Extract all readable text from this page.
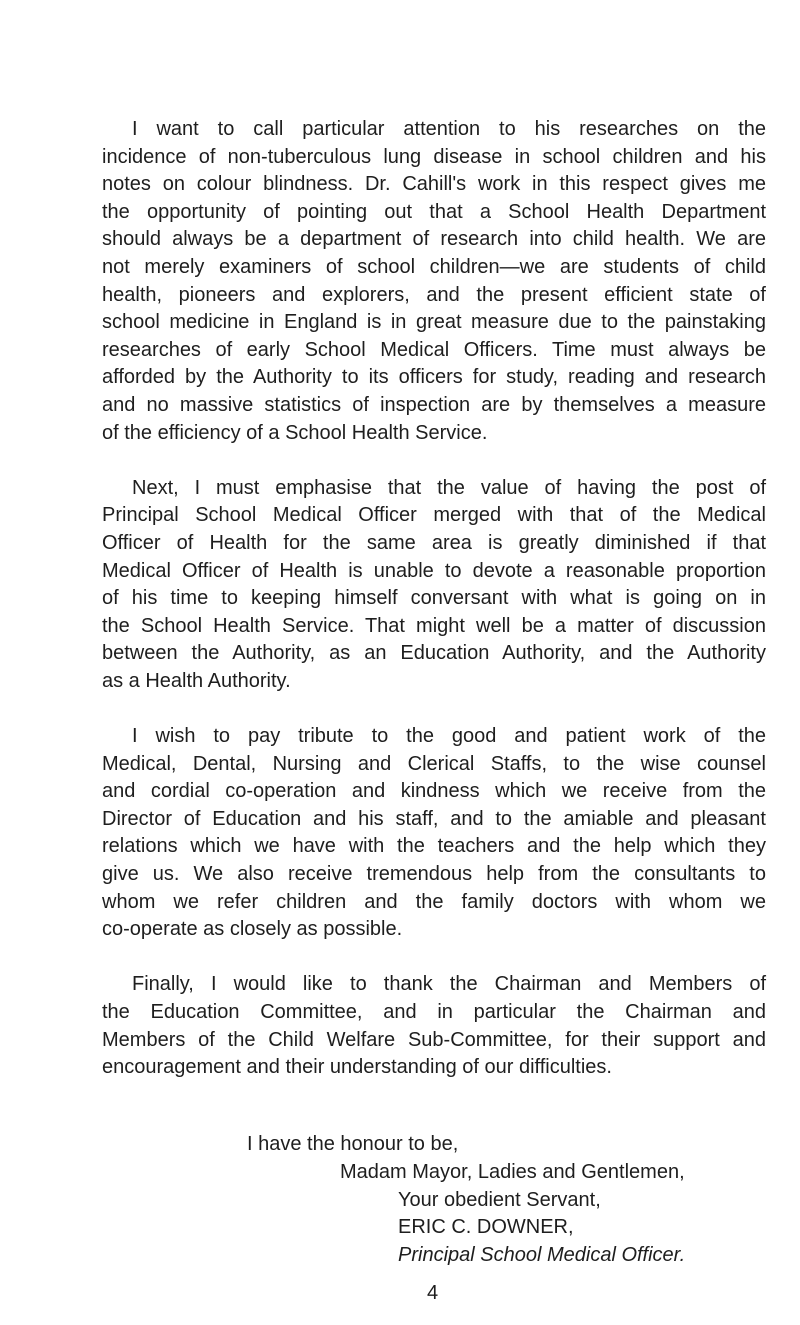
I want to call particular attention to his researches on the
incidence of non-tuberculous lung disease in school children and his
notes on colour blindness. Dr. Cahill's work in this respect gives me
the opportunity of pointing out that a School Health Department
should always be a department of research into child health. We are
not merely examiners of school children—we are students of child
health, pioneers and explorers, and the present efficient state of
school medicine in England is in great measure due to the painstaking
researches of early School Medical Officers. Time must always be
afforded by the Authority to its officers for study, reading and research
and no massive statistics of inspection are by themselves a measure
of the efficiency of a School Health Service.
Next, I must emphasise that the value of having the post of
Principal School Medical Officer merged with that of the Medical
Officer of Health for the same area is greatly diminished if that
Medical Officer of Health is unable to devote a reasonable proportion
of his time to keeping himself conversant with what is going on in
the School Health Service. That might well be a matter of discussion
between the Authority, as an Education Authority, and the Authority
as a Health Authority.
I wish to pay tribute to the good and patient work of the
Medical, Dental, Nursing and Clerical Staffs, to the wise counsel
and cordial co-operation and kindness which we receive from the
Director of Education and his staff, and to the amiable and pleasant
relations which we have with the teachers and the help which they
give us. We also receive tremendous help from the consultants to
whom we refer children and the family doctors with whom we
co-operate as closely as possible.
Finally, I would like to thank the Chairman and Members of
the Education Committee, and in particular the Chairman and
Members of the Child Welfare Sub-Committee, for their support and
encouragement and their understanding of our difficulties.
I have the honour to be,
Madam Mayor, Ladies and Gentlemen,
Your obedient Servant,
ERIC C. DOWNER,
Principal School Medical Officer.
4
